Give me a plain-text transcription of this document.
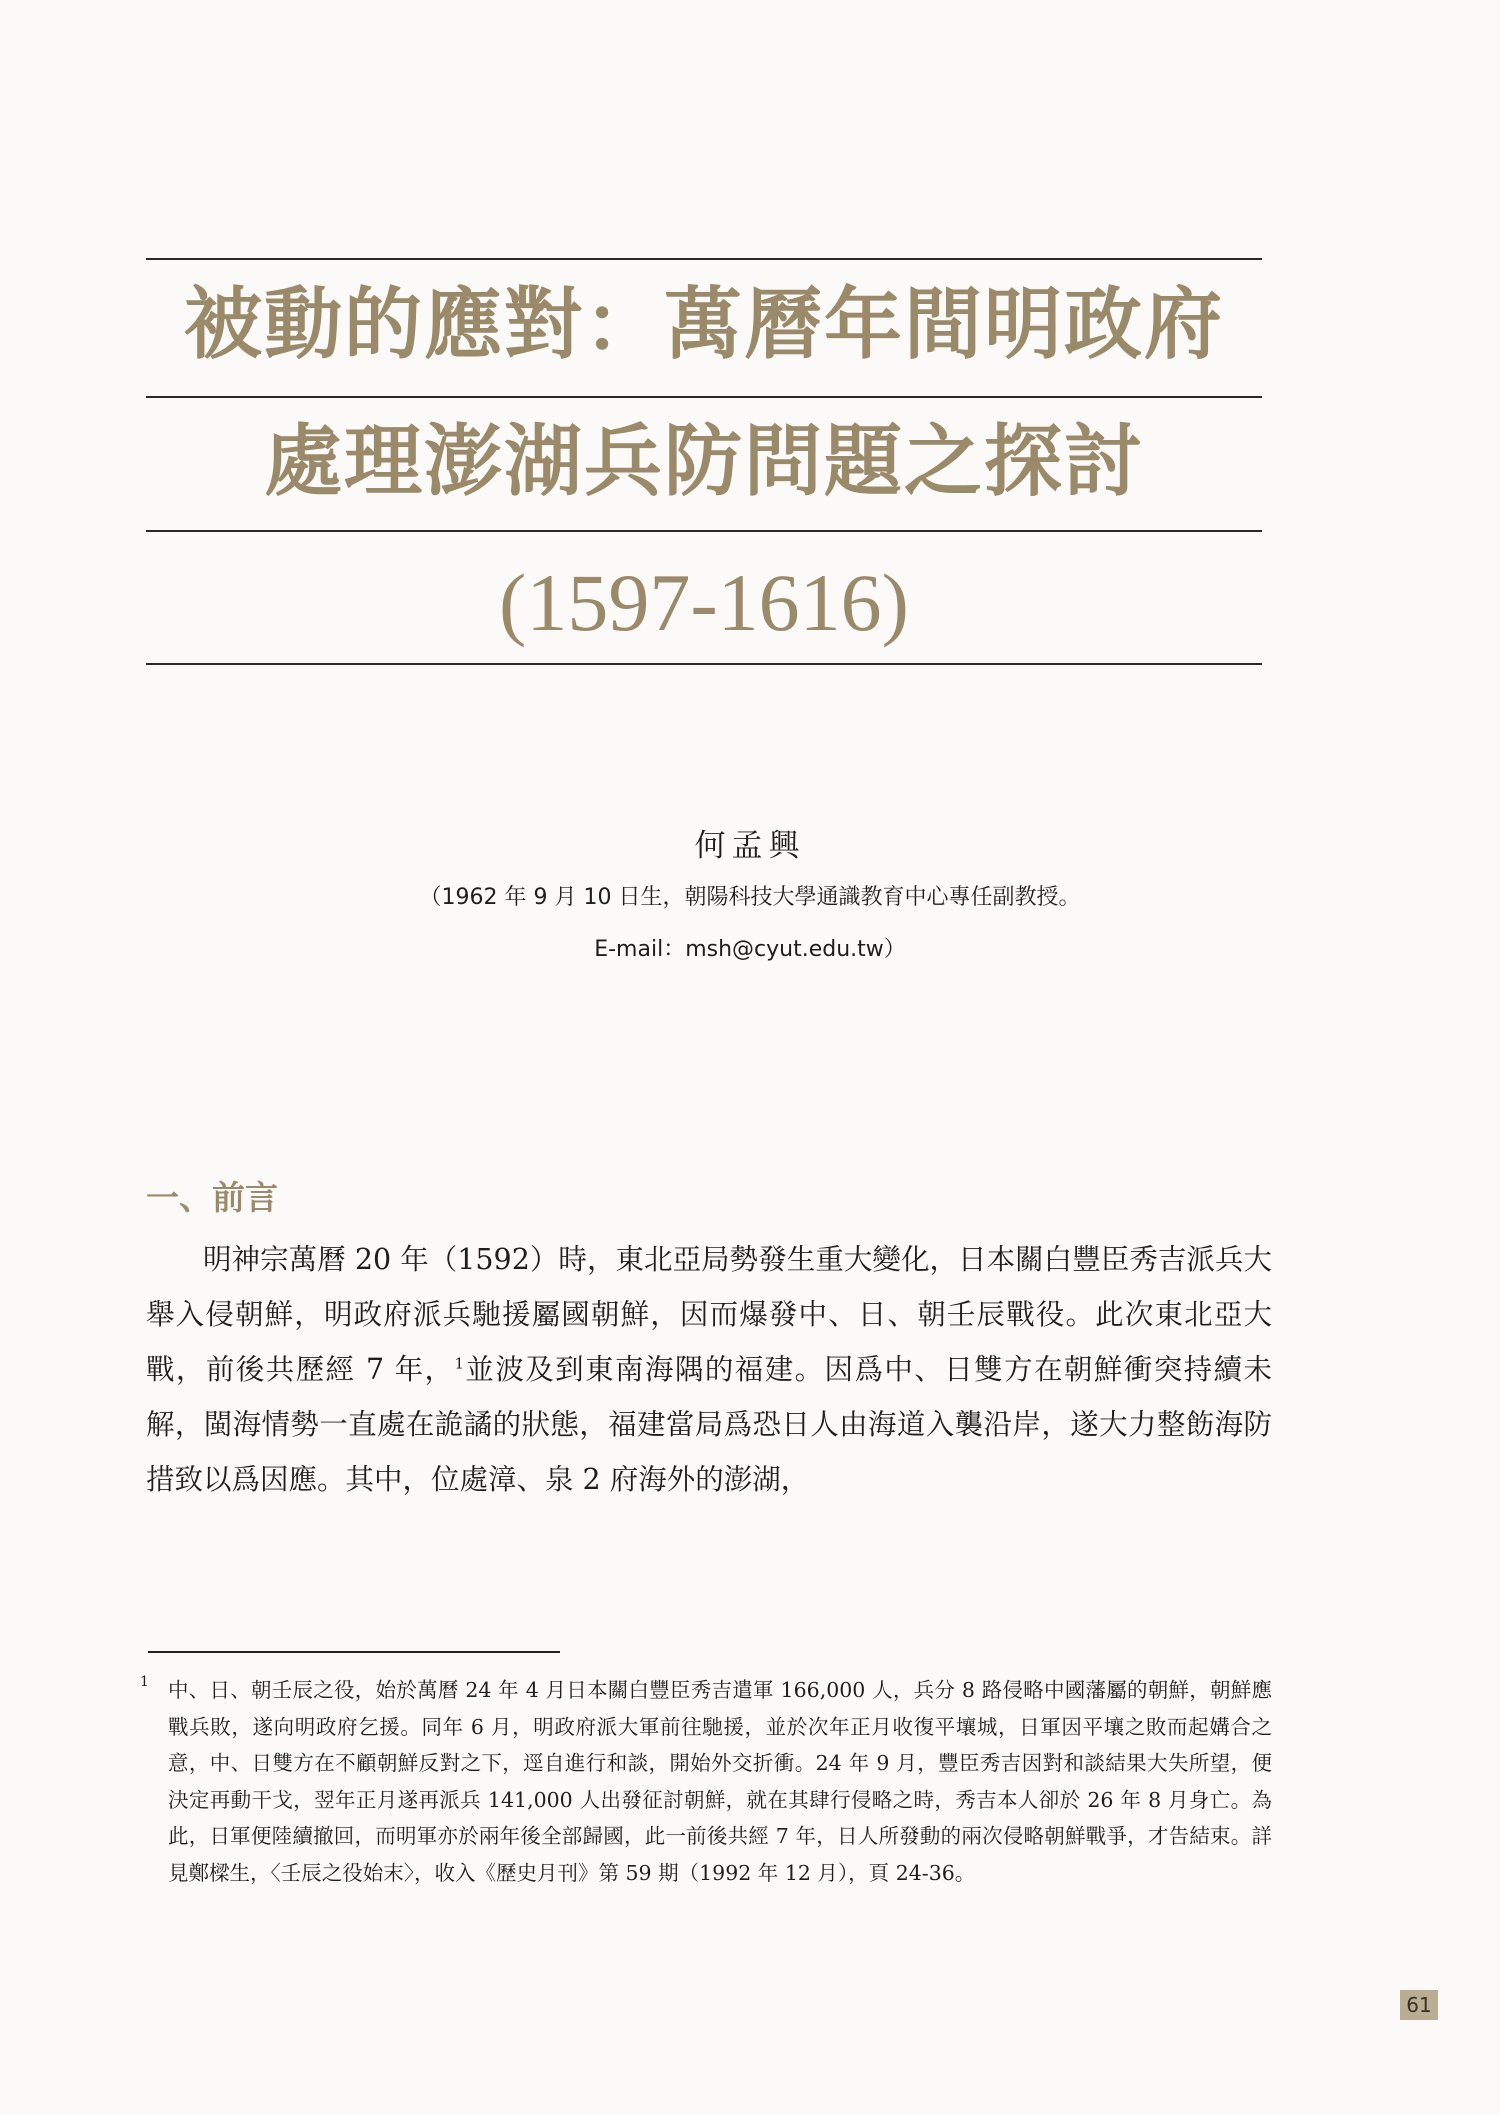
被動的應對：萬曆年間明政府
處理澎湖兵防問題之探討
(1597-1616)
何孟興
（1962 年 9 月 10 日生，朝陽科技大學通識教育中心專任副教授。
E-mail：msh@cyut.edu.tw）
一、前言

明神宗萬曆 20 年（1592）時，東北亞局勢發生重大變化，日本關白豐臣秀吉派兵大舉入侵朝鮮，明政府派兵馳援屬國朝鮮，因而爆發中、日、朝壬辰戰役。此次東北亞大戰，前後共歷經 7 年，$^1$並波及到東南海隅的福建。因爲中、日雙方在朝鮮衝突持續未解，閩海情勢一直處在詭譎的狀態，福建當局爲恐日人由海道入襲沿岸，遂大力整飭海防措致以爲因應。其中，位處漳、泉 2 府海外的澎湖，

1 中、日、朝壬辰之役，始於萬曆 24 年 4 月日本關白豐臣秀吉遣軍 166,000 人，兵分 8 路侵略中國藩屬的朝鮮，朝鮮應戰兵敗，遂向明政府乞援。同年 6 月，明政府派大軍前往馳援，並於次年正月收復平壤城，日軍因平壤之敗而起媾合之意，中、日雙方在不顧朝鮮反對之下，逕自進行和談，開始外交折衝。24 年 9 月，豐臣秀吉因對和談結果大失所望，便決定再動干戈，翌年正月遂再派兵 141,000 人出發征討朝鮮，就在其肆行侵略之時，秀吉本人卻於 26 年 8 月身亡。為此，日軍便陸續撤回，而明軍亦於兩年後全部歸國，此一前後共經 7 年，日人所發動的兩次侵略朝鮮戰爭，才告結束。詳見鄭樑生，〈壬辰之役始末〉，收入《歷史月刊》第 59 期（1992 年 12 月），頁 24-36。

61
